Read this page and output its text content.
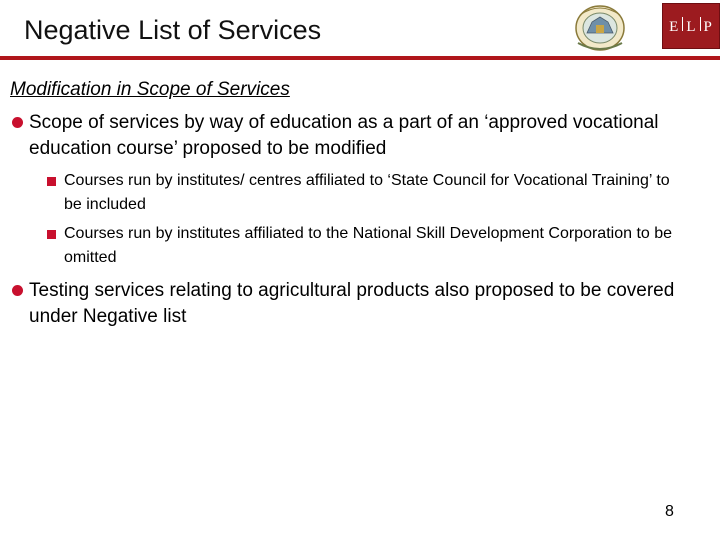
Negative List of Services	E L P
Modification in Scope of Services
Scope of services by way of education as a part of an ‘approved vocational education course’ proposed to be modified
Courses run by institutes/ centres affiliated to ‘State Council for Vocational Training’ to be included
Courses run by institutes affiliated to the National Skill Development Corporation to be omitted
Testing services relating to agricultural products also proposed to be covered under Negative list
8
